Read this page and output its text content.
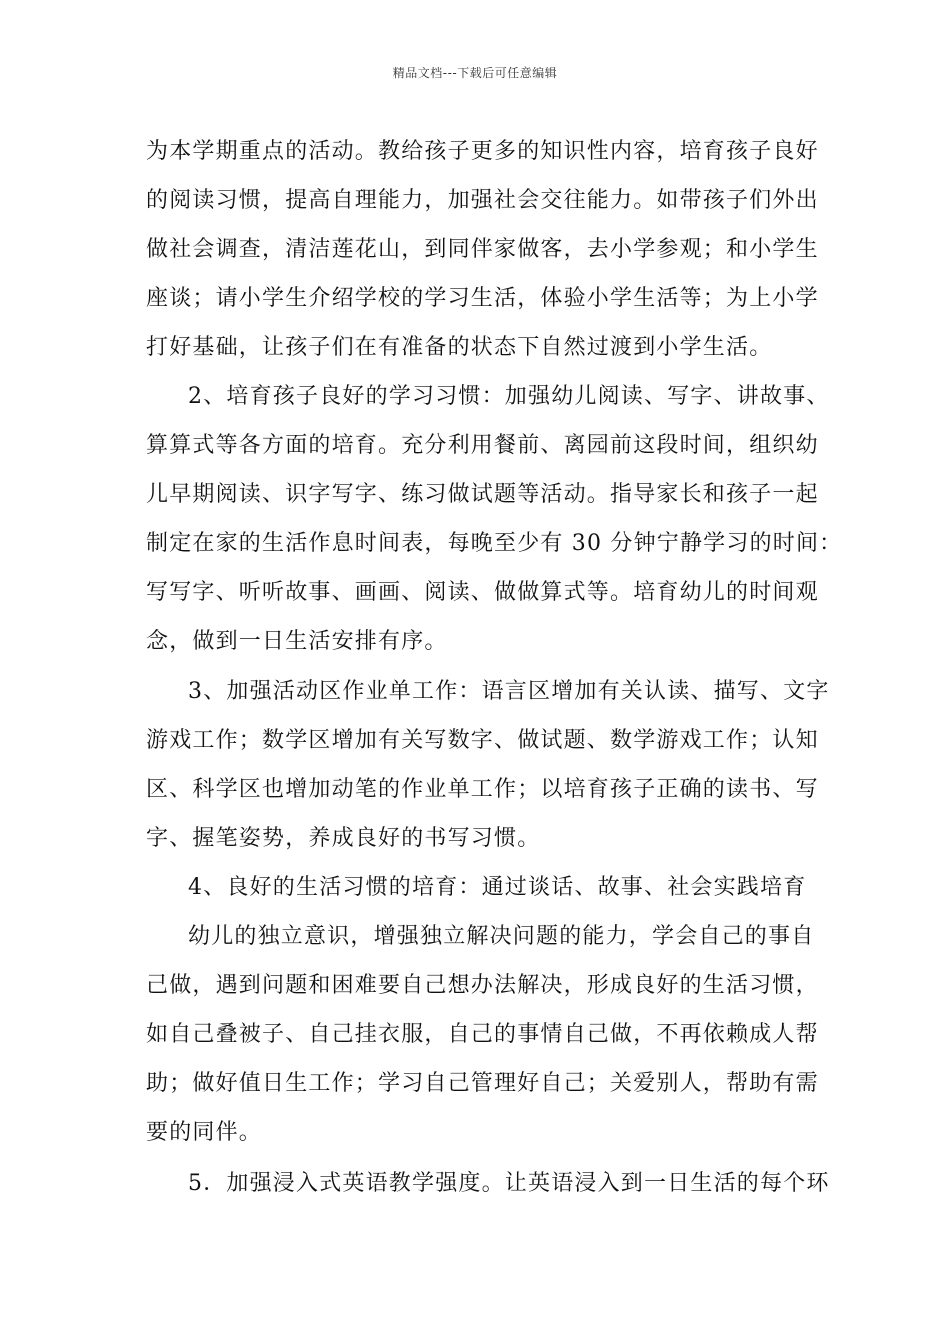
精品文档---下载后可任意编辑
为本学期重点的活动。教给孩子更多的知识性内容，培育孩子良好
的阅读习惯，提高自理能力，加强社会交往能力。如带孩子们外出
做社会调查，清洁莲花山，到同伴家做客，去小学参观；和小学生
座谈；请小学生介绍学校的学习生活，体验小学生活等；为上小学
打好基础，让孩子们在有准备的状态下自然过渡到小学生活。
2、培育孩子良好的学习习惯：加强幼儿阅读、写字、讲故事、
算算式等各方面的培育。充分利用餐前、离园前这段时间，组织幼
儿早期阅读、识字写字、练习做试题等活动。指导家长和孩子一起
制定在家的生活作息时间表，每晚至少有 30 分钟宁静学习的时间：
写写字、听听故事、画画、阅读、做做算式等。培育幼儿的时间观
念，做到一日生活安排有序。
3、加强活动区作业单工作：语言区增加有关认读、描写、文字
游戏工作；数学区增加有关写数字、做试题、数学游戏工作；认知
区、科学区也增加动笔的作业单工作；以培育孩子正确的读书、写
字、握笔姿势，养成良好的书写习惯。
4、良好的生活习惯的培育：通过谈话、故事、社会实践培育
幼儿的独立意识，增强独立解决问题的能力，学会自己的事自
己做，遇到问题和困难要自己想办法解决，形成良好的生活习惯，
如自己叠被子、自己挂衣服，自己的事情自己做，不再依赖成人帮
助；做好值日生工作；学习自己管理好自己；关爱别人，帮助有需
要的同伴。
5．加强浸入式英语教学强度。让英语浸入到一日生活的每个环
